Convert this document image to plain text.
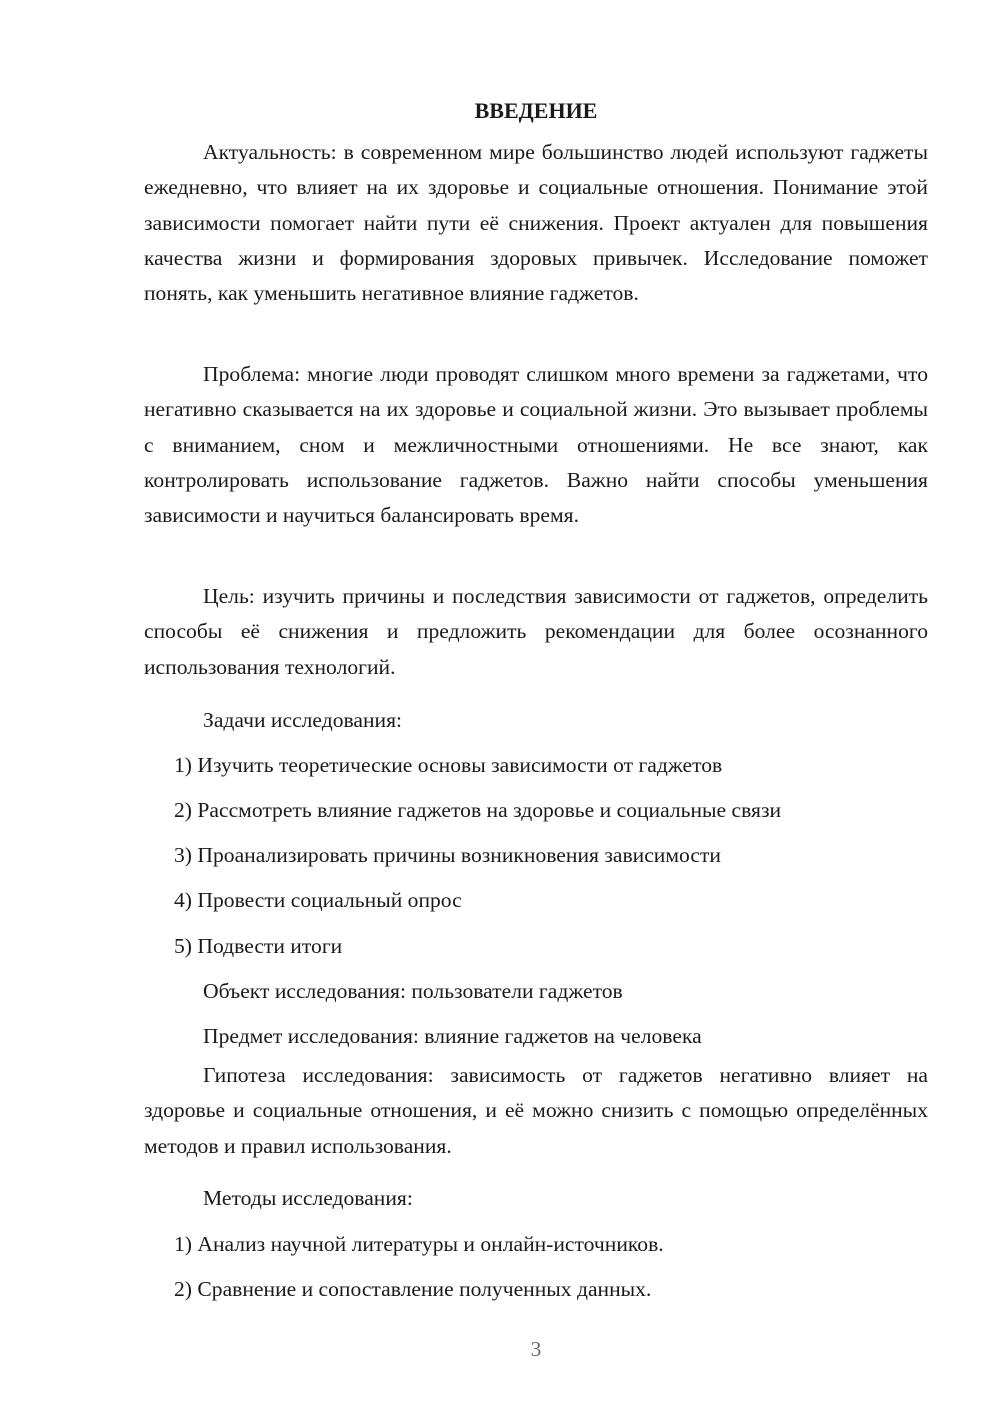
ВВЕДЕНИЕ

Актуальность: в современном мире большинство людей используют гаджеты ежедневно, что влияет на их здоровье и социальные отношения. Понимание этой зависимости помогает найти пути её снижения. Проект актуален для повышения качества жизни и формирования здоровых привычек. Исследование поможет понять, как уменьшить негативное влияние гаджетов.

Проблема: многие люди проводят слишком много времени за гаджетами, что негативно сказывается на их здоровье и социальной жизни. Это вызывает проблемы с вниманием, сном и межличностными отношениями. Не все знают, как контролировать использование гаджетов. Важно найти способы уменьшения зависимости и научиться балансировать время.

Цель: изучить причины и последствия зависимости от гаджетов, определить способы её снижения и предложить рекомендации для более осознанного использования технологий.

Задачи исследования:
1) Изучить теоретические основы зависимости от гаджетов
2) Рассмотреть влияние гаджетов на здоровье и социальные связи
3) Проанализировать причины возникновения зависимости
4) Провести социальный опрос
5) Подвести итоги
Объект исследования: пользователи гаджетов
Предмет исследования: влияние гаджетов на человека

Гипотеза исследования: зависимость от гаджетов негативно влияет на здоровье и социальные отношения, и её можно снизить с помощью определённых методов и правил использования.

Методы исследования:
1) Анализ научной литературы и онлайн-источников.
2) Сравнение и сопоставление полученных данных.
3
